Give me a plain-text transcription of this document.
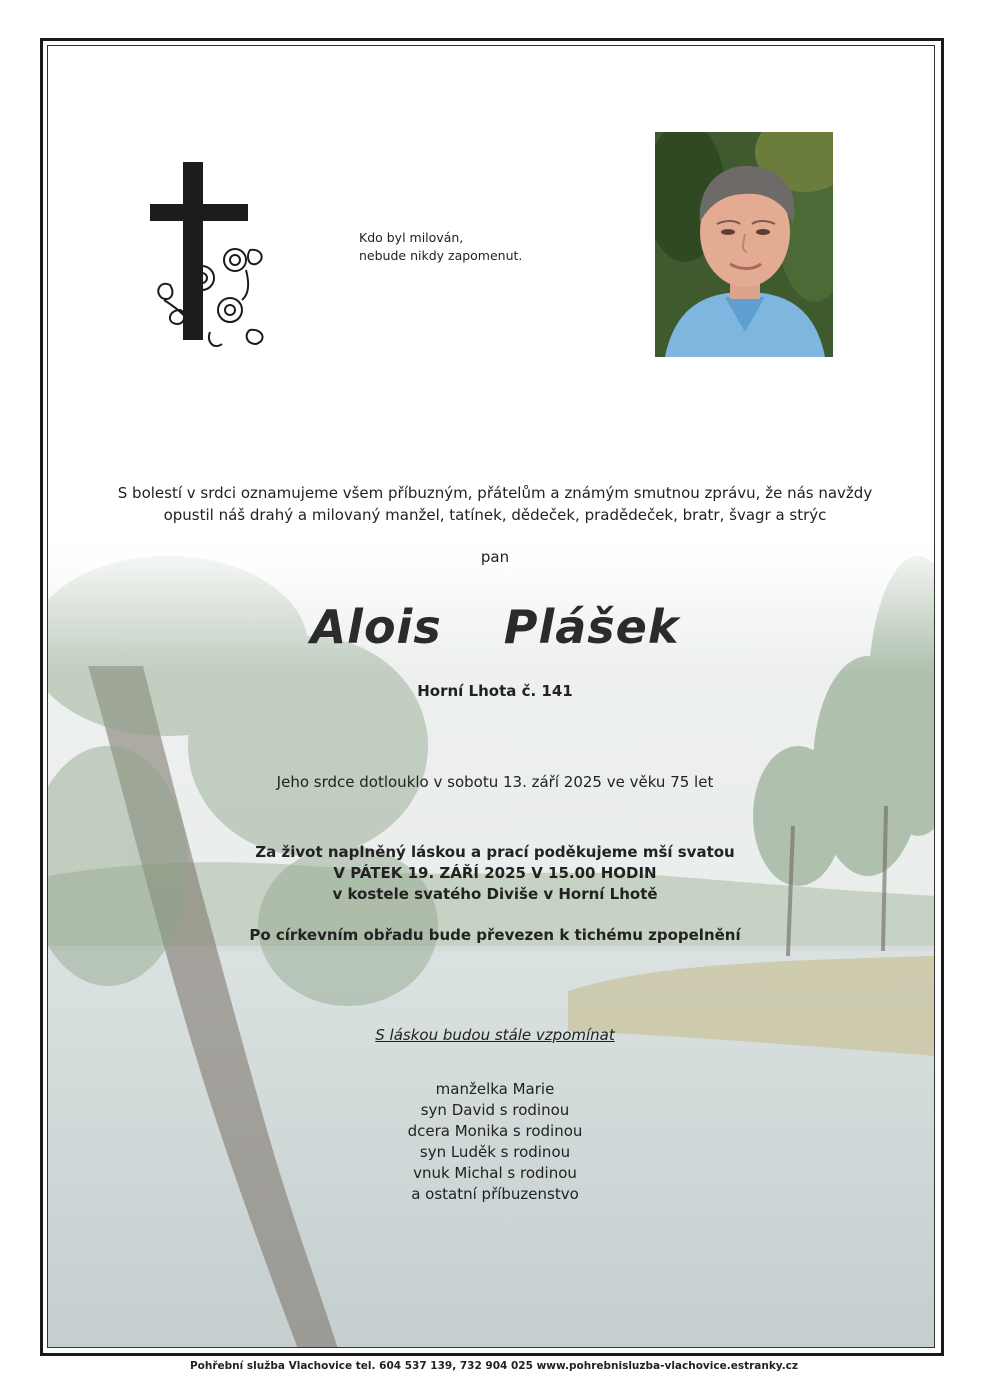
Kdo byl milován,
nebude nikdy zapomenut.
S bolestí v srdci oznamujeme všem příbuzným, přátelům a známým smutnou zprávu, že nás navždy
opustil náš drahý a milovaný manžel, tatínek, dědeček, pradědeček, bratr, švagr a strýc
pan
Alois  Plášek
Horní Lhota č. 141
Jeho srdce dotlouklo v sobotu 13. září 2025 ve věku 75 let
Za život naplněný láskou a prací poděkujeme mší svatou
V PÁTEK 19. ZÁŘÍ 2025 V 15.00 HODIN
v kostele svatého Diviše v Horní Lhotě
Po církevním obřadu bude převezen k tichému zpopelnění
S láskou budou stále vzpomínat
manželka Marie
syn David s rodinou
dcera Monika s rodinou
syn Luděk s rodinou
vnuk Michal s rodinou
a ostatní příbuzenstvo
Pohřební služba Vlachovice tel. 604 537 139, 732 904 025 www.pohrebnisluzba-vlachovice.estranky.cz
